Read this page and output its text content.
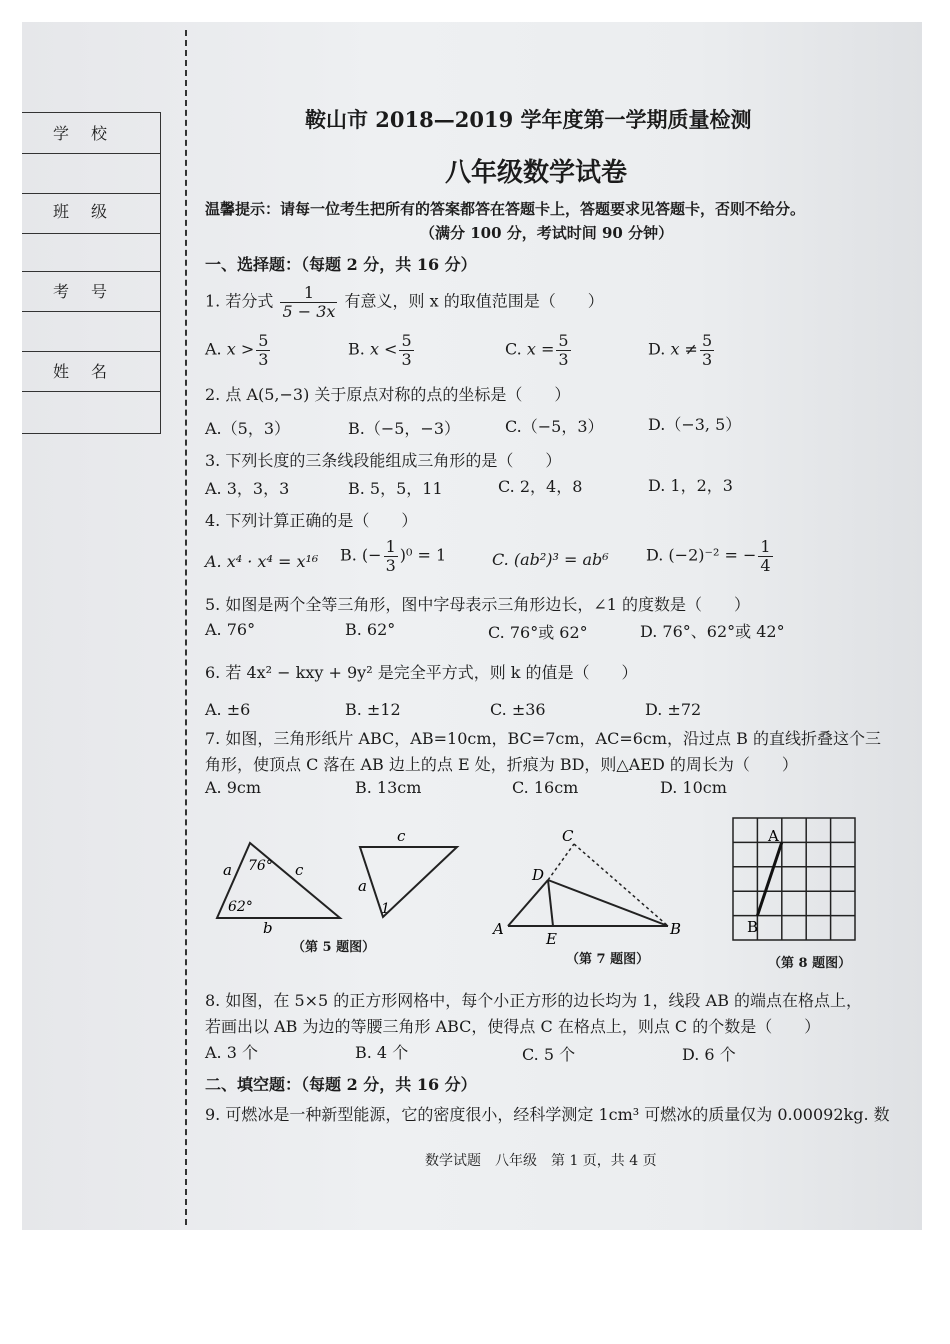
学校
班级
考号
姓名
鞍山市 2018—2019 学年度第一学期质量检测
八年级数学试卷
温馨提示：请每一位考生把所有的答案都答在答题卡上，答题要求见答题卡，否则不给分。
（满分 100 分，考试时间 90 分钟）
一、选择题：（每题 2 分，共 16 分）
1. 若分式 $\frac{1}{5 - 3x}$ 有意义，则 x 的取值范围是（　　）
A. $x > \frac{5}{3}$	B. $x < \frac{5}{3}$	C. $x = \frac{5}{3}$	D. $x \ne \frac{5}{3}$
2. 点 A(5,−3) 关于原点对称的点的坐标是（　　）
A.（5，3）	B.（−5，−3）	C.（−5，3）	D.（−3, 5）
3. 下列长度的三条线段能组成三角形的是（　　）
A. 3，3，3	B. 5，5，11	C. 2，4，8	D. 1，2，3
4. 下列计算正确的是（　　）
A. x⁴ · x⁴ = x¹⁶ B. (− $\frac{1}{3} )^0 = 1$	C. (ab²)³ = ab⁶ D. (−2)⁻² = − $\frac{1}{4}$
5. 如图是两个全等三角形，图中字母表示三角形边长，∠1 的度数是（　　）
A. 76°	B. 62°	C. 76°或 62°	D. 76°、62°或 42°
6. 若 4x² − kxy + 9y² 是完全平方式，则 k 的值是（　　）
A. ±6	B. ±12	C. ±36	D. ±72
7. 如图，三角形纸片 ABC，AB=10cm，BC=7cm，AC=6cm，沿过点 B 的直线折叠这个三
角形，使顶点 C 落在 AB 边上的点 E 处，折痕为 BD，则△AED 的周长为（　　）
A. 9cm	B. 13cm	C. 16cm	D. 10cm
a	c
b
76°
62°
c
a
1
（第 5 题图）
A	B
C
D
E
（第 7 题图）
A
B
（第 8 题图）
8. 如图，在 5×5 的正方形网格中，每个小正方形的边长均为 1，线段 AB 的端点在格点上，
若画出以 AB 为边的等腰三角形 ABC，使得点 C 在格点上，则点 C 的个数是（　　）
A. 3 个	B. 4 个	C. 5 个	D. 6 个
二、填空题：（每题 2 分，共 16 分）
9. 可燃冰是一种新型能源，它的密度很小，经科学测定 1cm³ 可燃冰的质量仅为 0.00092kg. 数
数学试题　八年级　第 1 页，共 4 页
